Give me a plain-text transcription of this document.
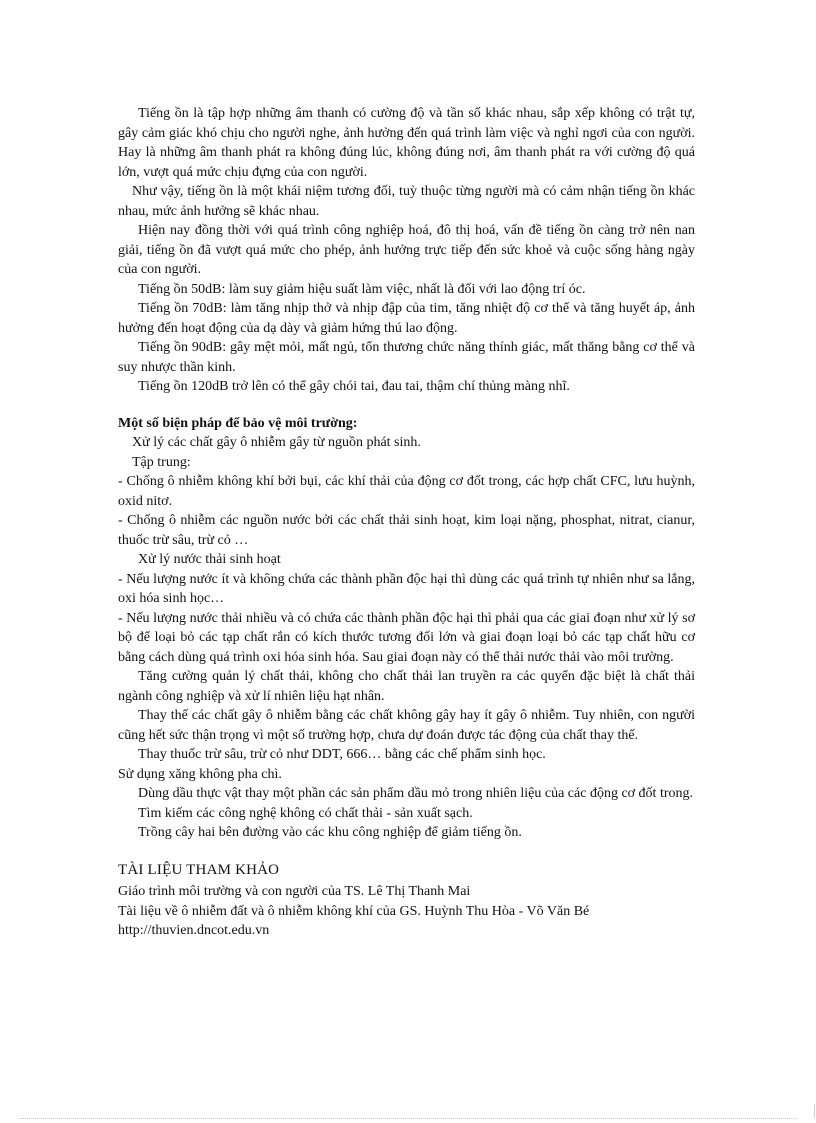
Tiếng ồn là tập hợp những âm thanh có cường độ và tần số khác nhau, sắp xếp không có trật tự, gây cảm giác khó chịu cho người nghe, ảnh hưởng đến quá trình làm việc và nghỉ ngơi của con người. Hay là những âm thanh phát ra không đúng lúc, không đúng nơi, âm thanh phát ra với cường độ quá lớn, vượt quá mức chịu đựng của con người.

Như vậy, tiếng ồn là một khái niệm tương đối, tuỳ thuộc từng người mà có cảm nhận tiếng ồn khác nhau, mức ảnh hưởng sẽ khác nhau.

Hiện nay đồng thời với quá trình công nghiệp hoá, đô thị hoá, vấn đề tiếng ồn càng trở nên nan giải, tiếng ồn đã vượt quá mức cho phép, ảnh hưởng trực tiếp đến sức khoẻ và cuộc sống hàng ngày của con người.

Tiếng ồn 50dB: làm suy giảm hiệu suất làm việc, nhất là đối với lao động trí óc.

Tiếng ồn 70dB: làm tăng nhịp thở và nhịp đập của tim, tăng nhiệt độ cơ thể và tăng huyết áp, ảnh hưởng đến hoạt động của dạ dày và giảm hứng thú lao động.

Tiếng ồn 90dB: gây mệt mỏi, mất ngủ, tổn thương chức năng thính giác, mất thăng bằng cơ thể và suy nhược thần kinh.

Tiếng ồn 120dB trở lên có thể gây chói tai, đau tai, thậm chí thủng màng nhĩ.

Một số biện pháp để bảo vệ môi trường:

Xử lý các chất gây ô nhiễm gây từ nguồn phát sinh.

Tập trung:

- Chống ô nhiễm không khí bởi bụi, các khí thải của động cơ đốt trong, các hợp chất CFC, lưu huỳnh, oxid nitơ.

- Chống ô nhiễm các nguồn nước bởi các chất thải sinh hoạt, kim loại nặng, phosphat, nitrat, cianur, thuốc trừ sâu, trừ cỏ …

Xử lý nước thải sinh hoạt

- Nếu lượng nước ít và không chứa các thành phần độc hại thì dùng các quá trình tự nhiên như sa lắng, oxi hóa sinh học…

- Nếu lượng nước thải nhiều và có chứa các thành phần độc hại thì phải qua các giai đoạn như xử lý sơ bộ để loại bỏ các tạp chất rắn có kích thước tương đối lớn và giai đoạn loại bỏ các tạp chất hữu cơ bằng cách dùng quá trình oxi hóa sinh hóa. Sau giai đoạn này có thể thải nước thải vào môi trường.

Tăng cường quản lý chất thải, không cho chất thải lan truyền ra các quyển đặc biệt là chất thải ngành công nghiệp và xử lí nhiên liệu hạt nhân.

Thay thế các chất gây ô nhiễm bằng các chất không gây hay ít gây ô nhiễm. Tuy nhiên, con người cũng hết sức thận trọng vì một số trường hợp, chưa dự đoán được tác động của chất thay thế.

Thay thuốc trừ sâu, trừ cỏ như DDT, 666… bằng các chế phẩm sinh học.

Sử dụng xăng không pha chì.

Dùng dầu thực vật thay một phần các sản phẩm dầu mỏ trong nhiên liệu của các động cơ đốt trong.

Tìm kiếm các công nghệ không có chất thải - sản xuất sạch.

Trồng cây hai bên đường vào các khu công nghiệp để giảm tiếng ồn.

TÀI LIỆU THAM KHẢO

Giáo trình môi trường và con người của TS. Lê Thị Thanh Mai

Tài liệu về ô nhiễm đất và ô nhiễm không khí của GS. Huỳnh Thu Hòa - Võ Văn Bé

http://thuvien.dncot.edu.vn
